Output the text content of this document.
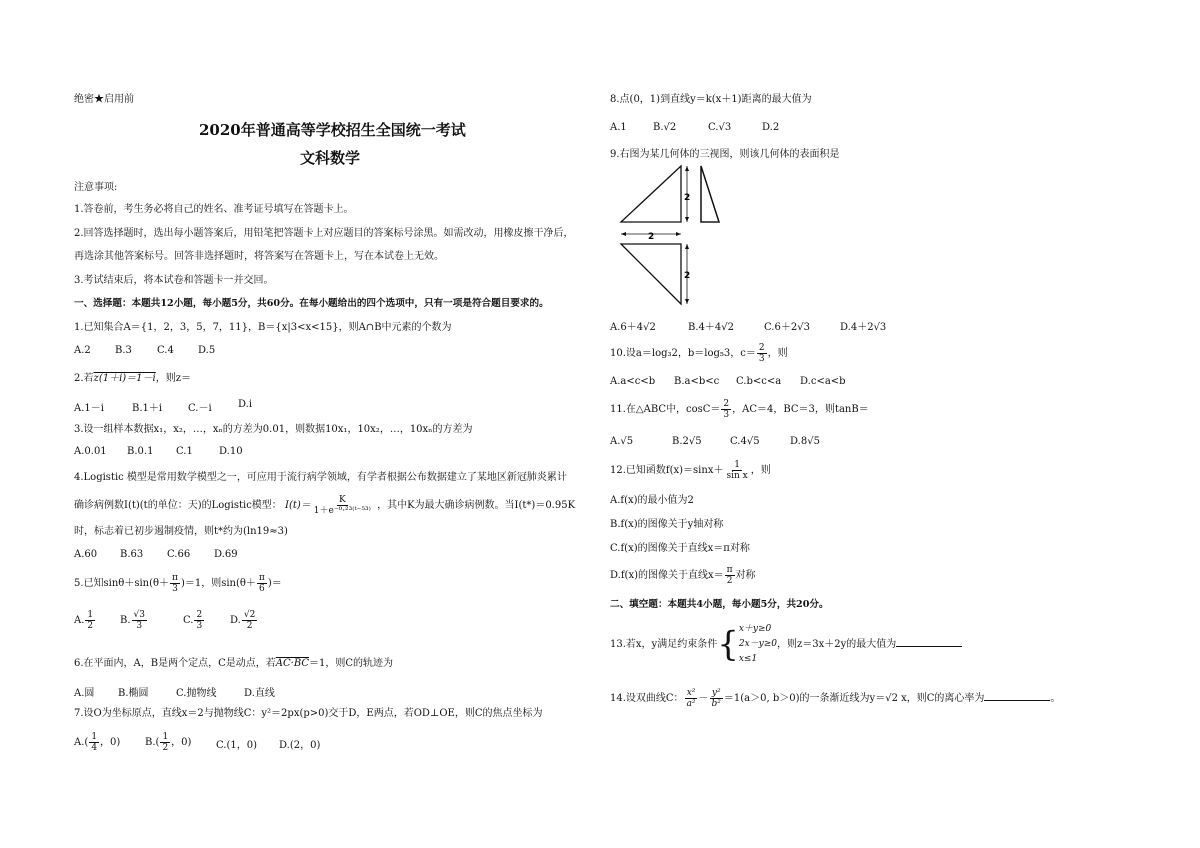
绝密★启用前
2020年普通高等学校招生全国统一考试
文科数学
注意事项:
1.答卷前，考生务必将自己的姓名、准考证号填写在答题卡上。
2.回答选择题时，选出每小题答案后，用铅笔把答题卡上对应题目的答案标号涂黑。如需改动，用橡皮擦干净后，
再选涂其他答案标号。回答非选择题时，将答案写在答题卡上，写在本试卷上无效。
3.考试结束后，将本试卷和答题卡一并交回。
一、选择题：本题共12小题，每小题5分，共60分。在每小题给出的四个选项中，只有一项是符合题目要求的。
1.已知集合A＝{1，2，3，5，7，11}，B＝{x|3<x<15}，则A∩B中元素的个数为
A.2 B.3	C.4 D.5
2.若z(1＋i)＝1－i，则z＝
A.1－i	B.1＋i	C.－i	D.i
3.设一组样本数据x₁，x₂，…，xₙ的方差为0.01，则数据10x₁，10x₂，…，10xₙ的方差为
A.0.01 B.0.1 C.1	D.10
4.Logistic 模型是常用数学模型之一，可应用于流行病学领域，有学者根据公布数据建立了某地区新冠肺炎累计
确诊病例数I(t)(t的单位：天)的Logistic模型： $I(t)= \frac{K}{\text{1＋e⁻⁰·²³⁽ᵗ⁻⁵³⁾}}$ ，其中K为最大确诊病例数。当I(t*)＝0.95K
时，标志着已初步遏制疫情，则t*约为(ln19≈3)
A.60 B.63 C.66 D.69
5.已知$\sin\theta+\sin(\theta+ \frac{\pi}{3} )=1$，则$\sin(\theta+ \frac{\pi}{6}$ )＝
A. $\frac{1}{2} B$. $\frac{√3}{3}$	C. $\frac{2}{3}$	D. $\frac{√2}{2}$
6.在平面内，A，B是两个定点，C是动点，若AC·BC＝1，则C的轨迹为
A.圆 B.椭圆	C.抛物线	D.直线
7.设O为坐标原点，直线x＝2与抛物线C：y²＝2px(p>0)交于D，E两点，若OD⊥OE，则C的焦点坐标为
$A.( \frac{1}{4}$ ，0) $B.( \frac{1}{2}$ ，0) C.(1，0) D.(2，0)
8.点(0，1)到直线y＝k(x＋1)距离的最大值为
A.1	B.√2	C.√3	D.2
9.右图为某几何体的三视图，则该几何体的表面积是
2
2
2
A.6＋4√2	B.4＋4√2	C.6＋2√3	D.4＋2√3
10.设a＝log₃2，b＝log₅3，$c= \frac{2}{3}$ ，则
A.a<c<b B.a<b<c C.b<c<a D.c<a<b
11.在△ABC中，$\cos C= \frac{2}{3}$ ，AC＝4，BC＝3，则tanB＝
A.√5	B.2√5	C.4√5	D.8√5
12.已知函数$f(x)=\sin x+ \frac{1}{\text{sin x}}$ ，则
A.f(x)的最小值为2
B.f(x)的图像关于y轴对称
C.f(x)的图像关于直线x＝π对称
D.f(x)的图像关于直线$x= \frac{\pi}{2}$ 对称
二、填空题：本题共4小题，每小题5分，共20分。
13.若x，y满足约束条件{ x＋y≥0
2x－y≥0
x≤1
，则z＝3x＋2y的最大值为
14.设双曲线C： $\frac{\text{x²}}{\text{a²}} - \frac{\text{y²}}{\text{b²}} =1(a>0$, b＞0)的一条渐近线为y＝√2 x，则C的离心率为	。
